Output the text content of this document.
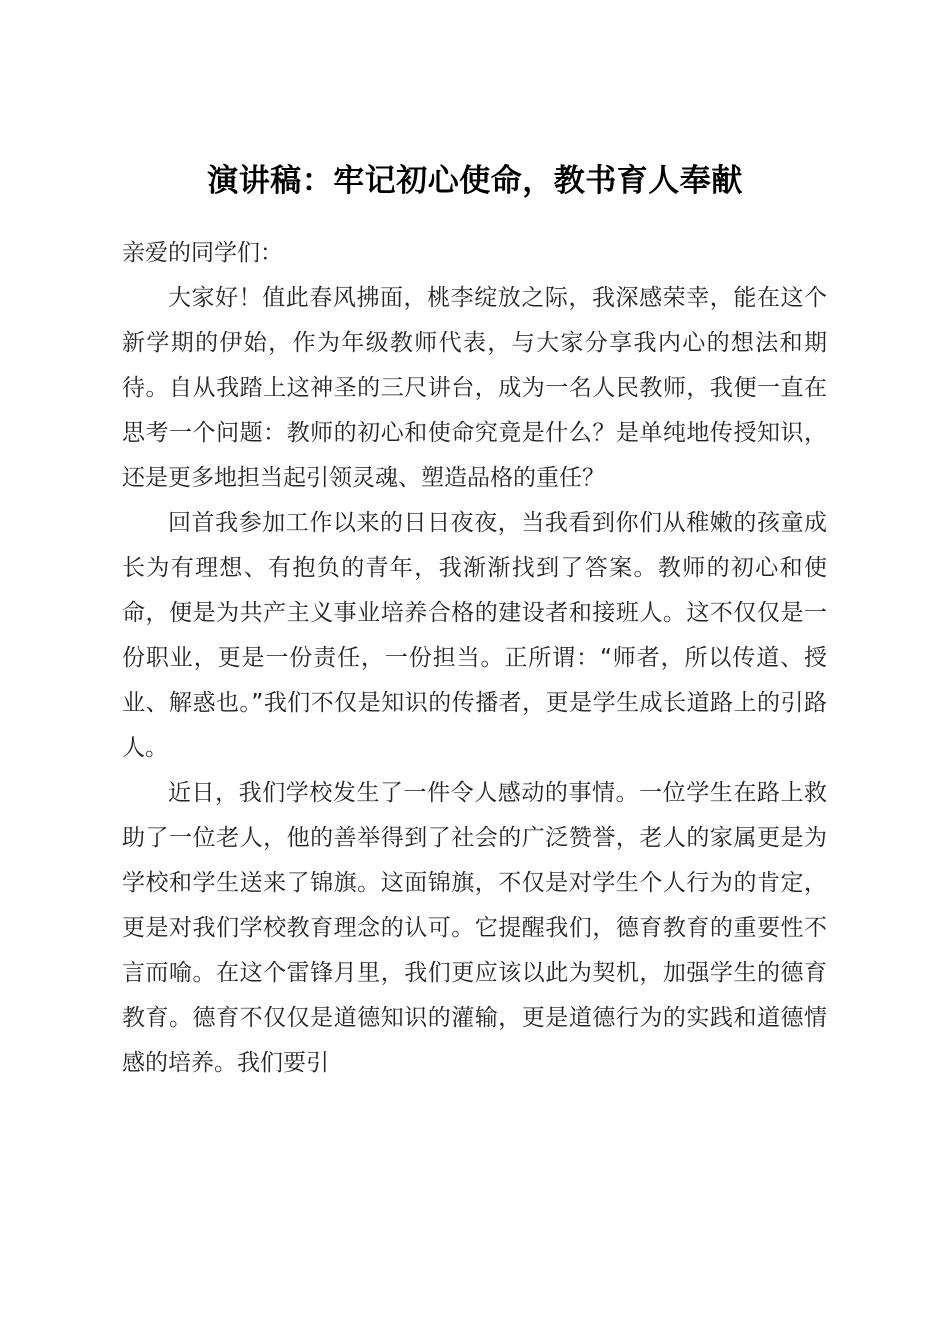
演讲稿：牢记初心使命，教书育人奉献

亲爱的同学们：

大家好！值此春风拂面，桃李绽放之际，我深感荣幸，能在这个新学期的伊始，作为年级教师代表，与大家分享我内心的想法和期待。自从我踏上这神圣的三尺讲台，成为一名人民教师，我便一直在思考一个问题：教师的初心和使命究竟是什么？是单纯地传授知识，还是更多地担当起引领灵魂、塑造品格的重任？

回首我参加工作以来的日日夜夜，当我看到你们从稚嫩的孩童成长为有理想、有抱负的青年，我渐渐找到了答案。教师的初心和使命，便是为共产主义事业培养合格的建设者和接班人。这不仅仅是一份职业，更是一份责任，一份担当。正所谓：“师者，所以传道、授业、解惑也。”我们不仅是知识的传播者，更是学生成长道路上的引路人。

近日，我们学校发生了一件令人感动的事情。一位学生在路上救助了一位老人，他的善举得到了社会的广泛赞誉，老人的家属更是为学校和学生送来了锦旗。这面锦旗，不仅是对学生个人行为的肯定，更是对我们学校教育理念的认可。它提醒我们，德育教育的重要性不言而喻。在这个雷锋月里，我们更应该以此为契机，加强学生的德育教育。德育不仅仅是道德知识的灌输，更是道德行为的实践和道德情感的培养。我们要引
